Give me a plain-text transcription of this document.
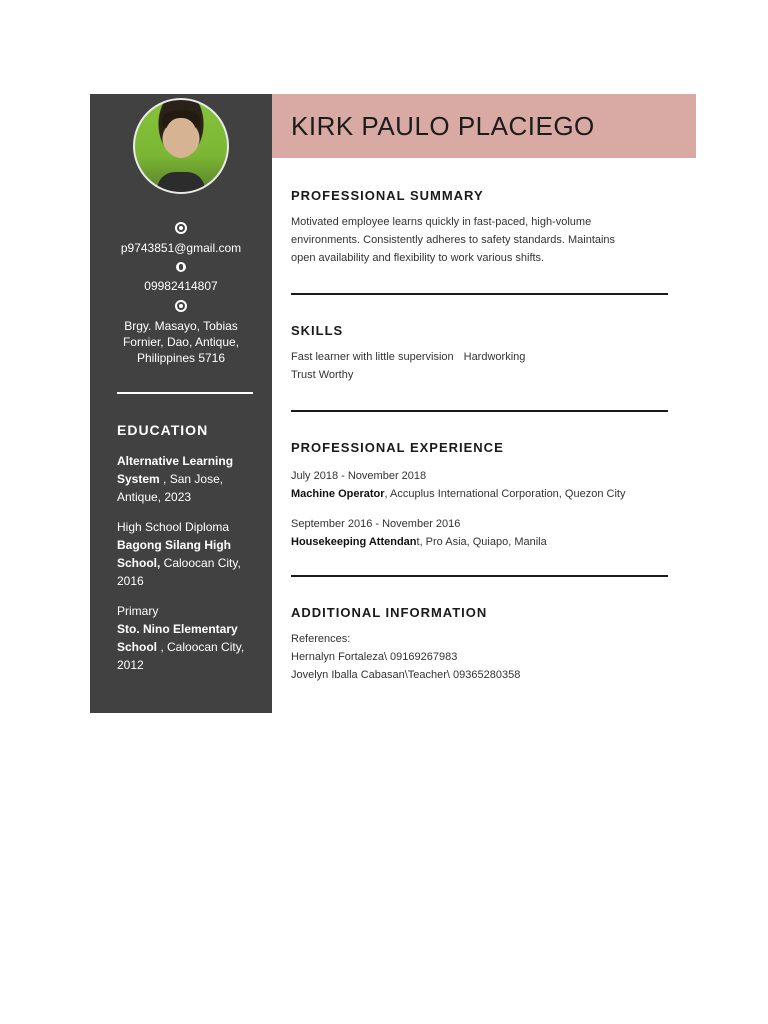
p9743851@gmail.com
09982414807
Brgy. Masayo, Tobias
Fornier, Dao, Antique,
Philippines 5716
EDUCATION
Alternative Learning System , San Jose, Antique, 2023
High School Diploma
Bagong Silang High School, Caloocan City, 2016
Primary
Sto. Nino Elementary School , Caloocan City, 2012
KIRK PAULO PLACIEGO
PROFESSIONAL SUMMARY
Motivated employee learns quickly in fast-paced, high-volume
environments. Consistently adheres to safety standards. Maintains
open availability and flexibility to work various shifts.
SKILLS
Fast learner with little supervision Hardworking
Trust Worthy
PROFESSIONAL EXPERIENCE
July 2018 - November 2018
Machine Operator, Accuplus International Corporation, Quezon City
September 2016 - November 2016
Housekeeping Attendant, Pro Asia, Quiapo, Manila
ADDITIONAL INFORMATION
References:
Hernalyn Fortaleza\ 09169267983
Jovelyn Iballa Cabasan\Teacher\ 09365280358
